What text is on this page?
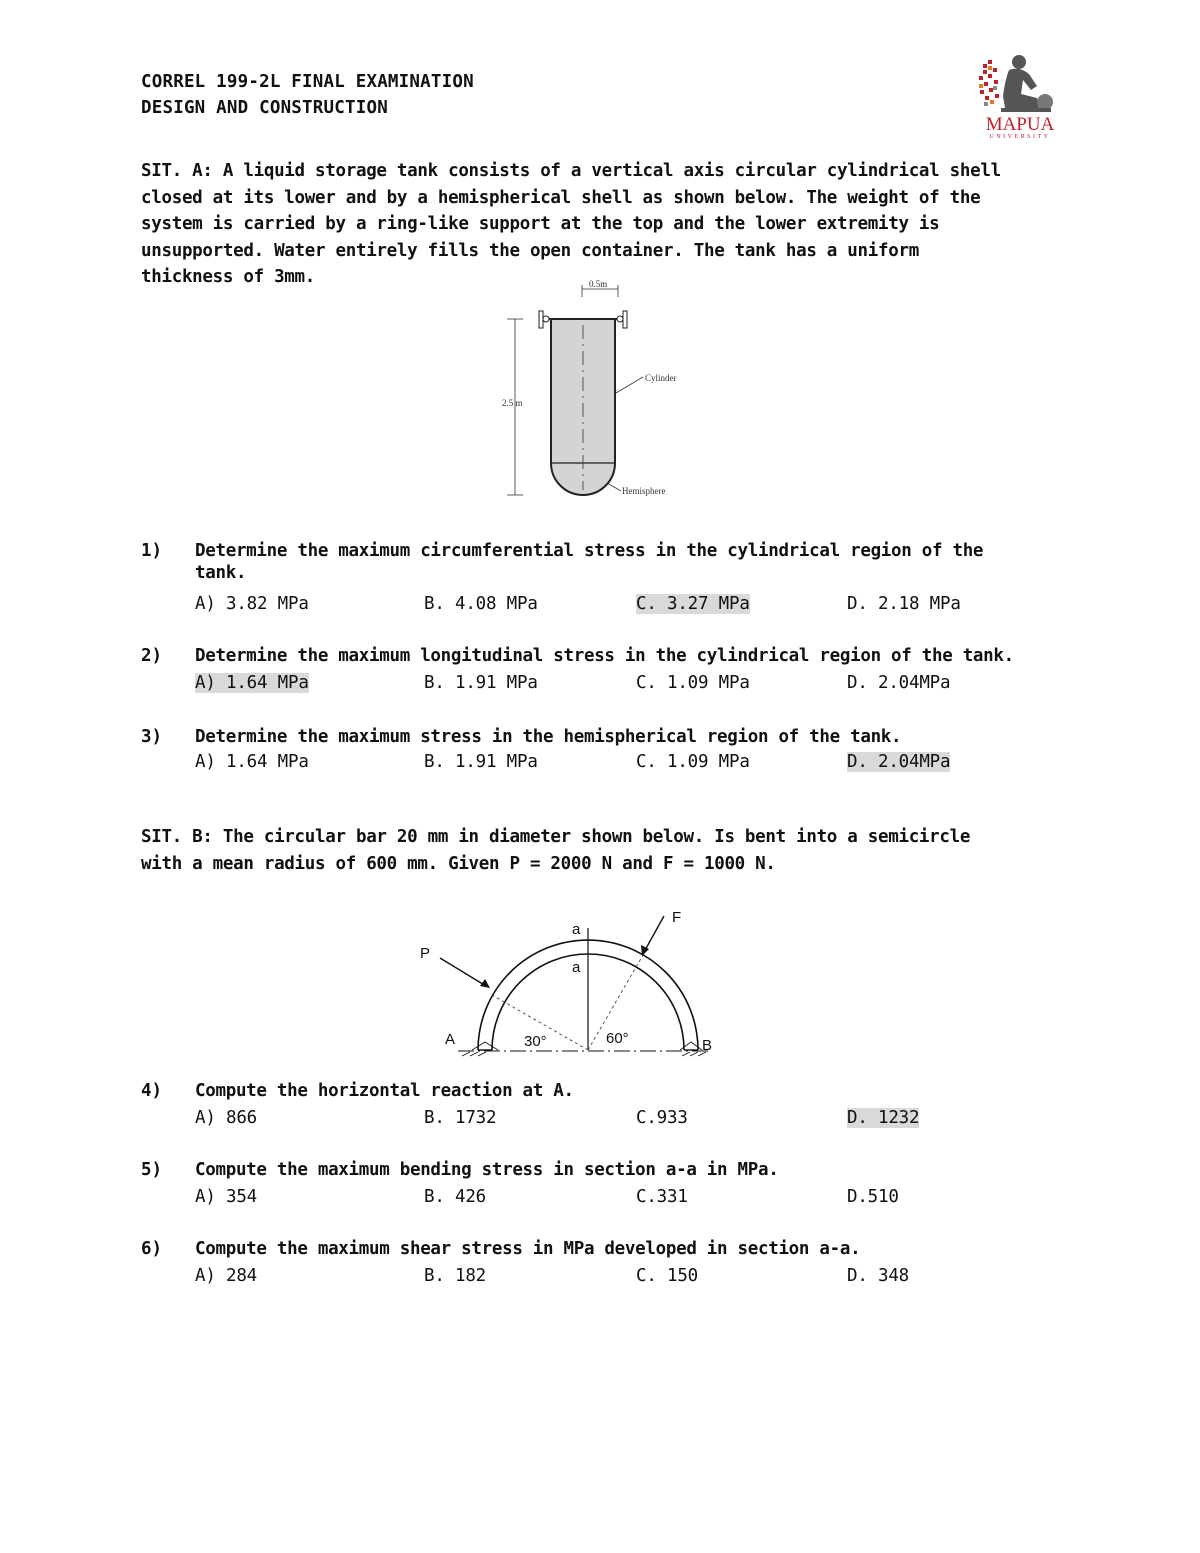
CORREL 199-2L FINAL EXAMINATION
DESIGN AND CONSTRUCTION
MAPUA
UNIVERSITY
SIT. A: A liquid storage tank consists of a vertical axis circular cylindrical shell
closed at its lower and by a hemispherical shell as shown below. The weight of the
system is carried by a ring-like support at the top and the lower extremity is
unsupported. Water entirely fills the open container. The tank has a uniform
thickness of 3mm.	0.5m
2.5 m
Cylinder
Hemisphere
1) Determine the maximum circumferential stress in the cylindrical region of the
tank.
A) 3.82 MPa	B. 4.08 MPa	C. 3.27 MPa	D. 2.18 MPa
2) Determine the maximum longitudinal stress in the cylindrical region of the tank.
A) 1.64 MPa	B. 1.91 MPa	C. 1.09 MPa	D. 2.04MPa
3) Determine the maximum stress in the hemispherical region of the tank.
A) 1.64 MPa	B. 1.91 MPa	C. 1.09 MPa	D. 2.04MPa
SIT. B: The circular bar 20 mm in diameter shown below. Is bent into a semicircle
with a mean radius of 600 mm. Given P = 2000 N and F = 1000 N.
P
F
a
a
A	B
30°	60°
4) Compute the horizontal reaction at A.
A) 866	B. 1732	C.933	D. 1232
5) Compute the maximum bending stress in section a-a in MPa.
A) 354	B. 426	C.331	D.510
6) Compute the maximum shear stress in MPa developed in section a-a.
A) 284	B. 182	C. 150	D. 348
